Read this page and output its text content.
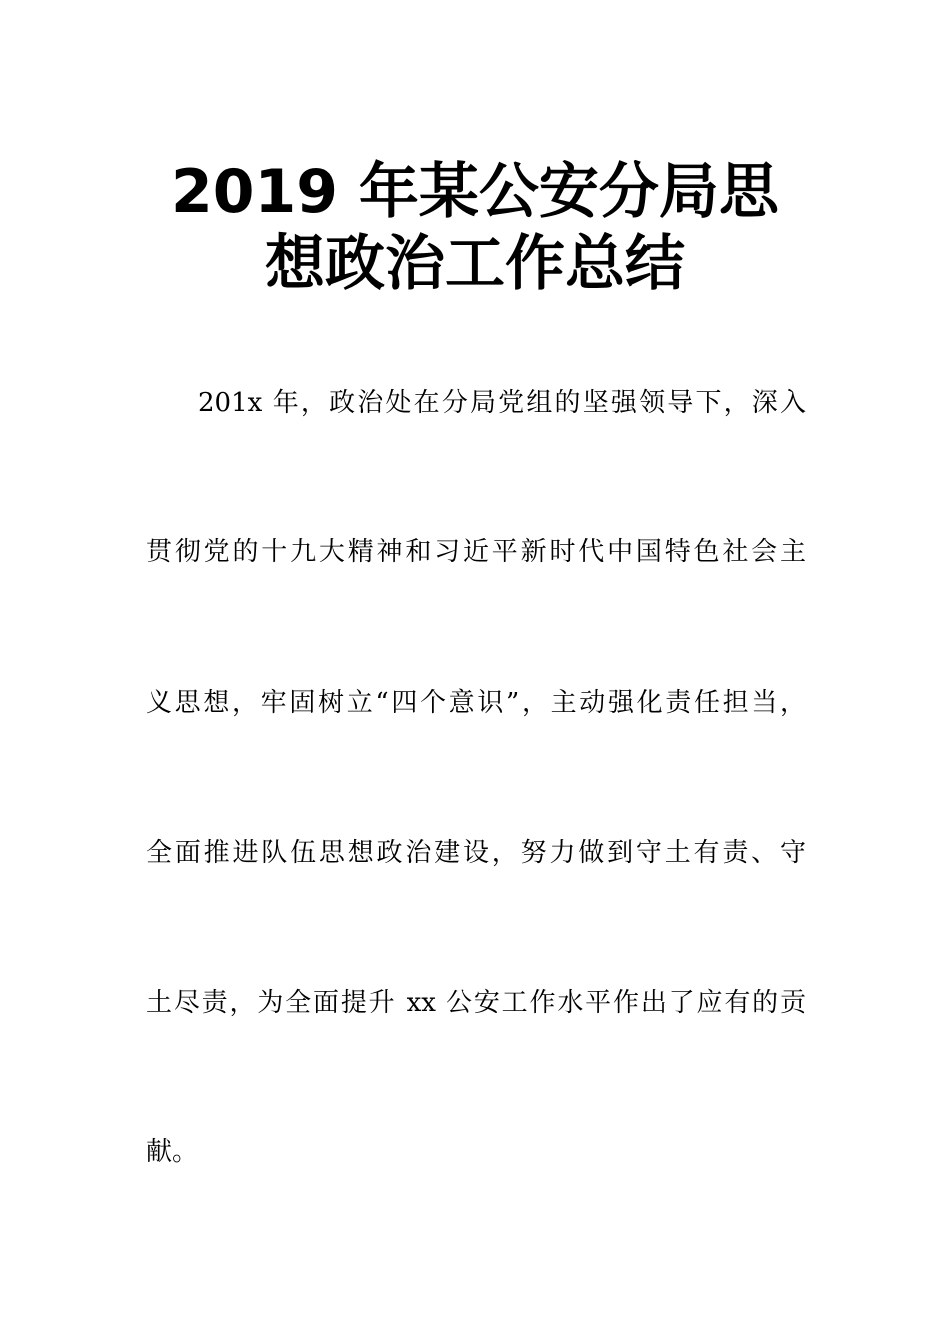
2019 年某公安分局思
想政治工作总结

201x 年，政治处在分局党组的坚强领导下，深入

贯彻党的十九大精神和习近平新时代中国特色社会主

义思想，牢固树立“四个意识”，主动强化责任担当，

全面推进队伍思想政治建设，努力做到守土有责、守

土尽责，为全面提升 xx 公安工作水平作出了应有的贡

献。
